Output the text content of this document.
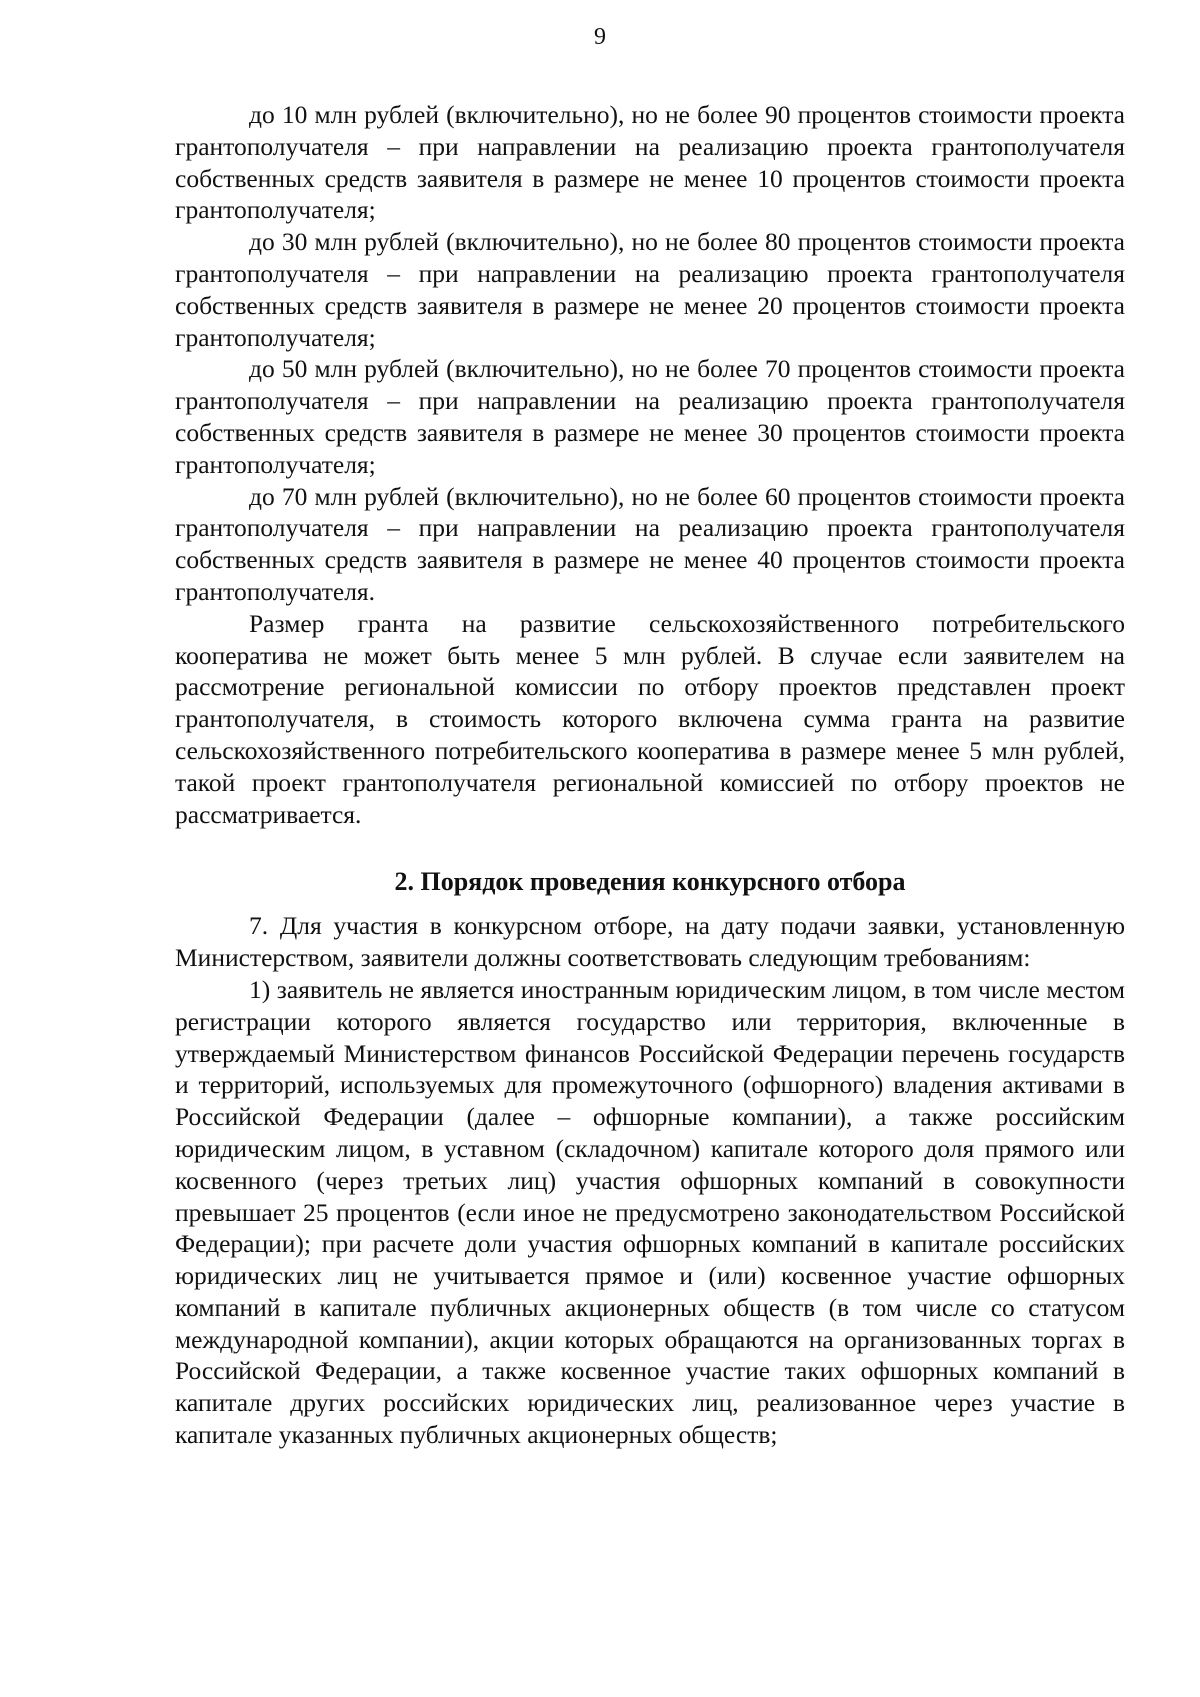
9

до 10 млн рублей (включительно), но не более 90 процентов стоимости проекта грантополучателя – при направлении на реализацию проекта грантополучателя собственных средств заявителя в размере не менее 10 процентов стоимости проекта грантополучателя;

до 30 млн рублей (включительно), но не более 80 процентов стоимости проекта грантополучателя – при направлении на реализацию проекта грантополучателя собственных средств заявителя в размере не менее 20 процентов стоимости проекта грантополучателя;

до 50 млн рублей (включительно), но не более 70 процентов стоимости проекта грантополучателя – при направлении на реализацию проекта грантополучателя собственных средств заявителя в размере не менее 30 процентов стоимости проекта грантополучателя;

до 70 млн рублей (включительно), но не более 60 процентов стоимости проекта грантополучателя – при направлении на реализацию проекта грантополучателя собственных средств заявителя в размере не менее 40 процентов стоимости проекта грантополучателя.

Размер гранта на развитие сельскохозяйственного потребительского кооператива не может быть менее 5 млн рублей. В случае если заявителем на рассмотрение региональной комиссии по отбору проектов представлен проект грантополучателя, в стоимость которого включена сумма гранта на развитие сельскохозяйственного потребительского кооператива в размере менее 5 млн рублей, такой проект грантополучателя региональной комиссией по отбору проектов не рассматривается.

2. Порядок проведения конкурсного отбора

7. Для участия в конкурсном отборе, на дату подачи заявки, установленную Министерством, заявители должны соответствовать следующим требованиям:

1) заявитель не является иностранным юридическим лицом, в том числе местом регистрации которого является государство или территория, включенные в утверждаемый Министерством финансов Российской Федерации перечень государств и территорий, используемых для промежуточного (офшорного) владения активами в Российской Федерации (далее – офшорные компании), а также российским юридическим лицом, в уставном (складочном) капитале которого доля прямого или косвенного (через третьих лиц) участия офшорных компаний в совокупности превышает 25 процентов (если иное не предусмотрено законодательством Российской Федерации); при расчете доли участия офшорных компаний в капитале российских юридических лиц не учитывается прямое и (или) косвенное участие офшорных компаний в капитале публичных акционерных обществ (в том числе со статусом международной компании), акции которых обращаются на организованных торгах в Российской Федерации, а также косвенное участие таких офшорных компаний в капитале других российских юридических лиц, реализованное через участие в капитале указанных публичных акционерных обществ;
